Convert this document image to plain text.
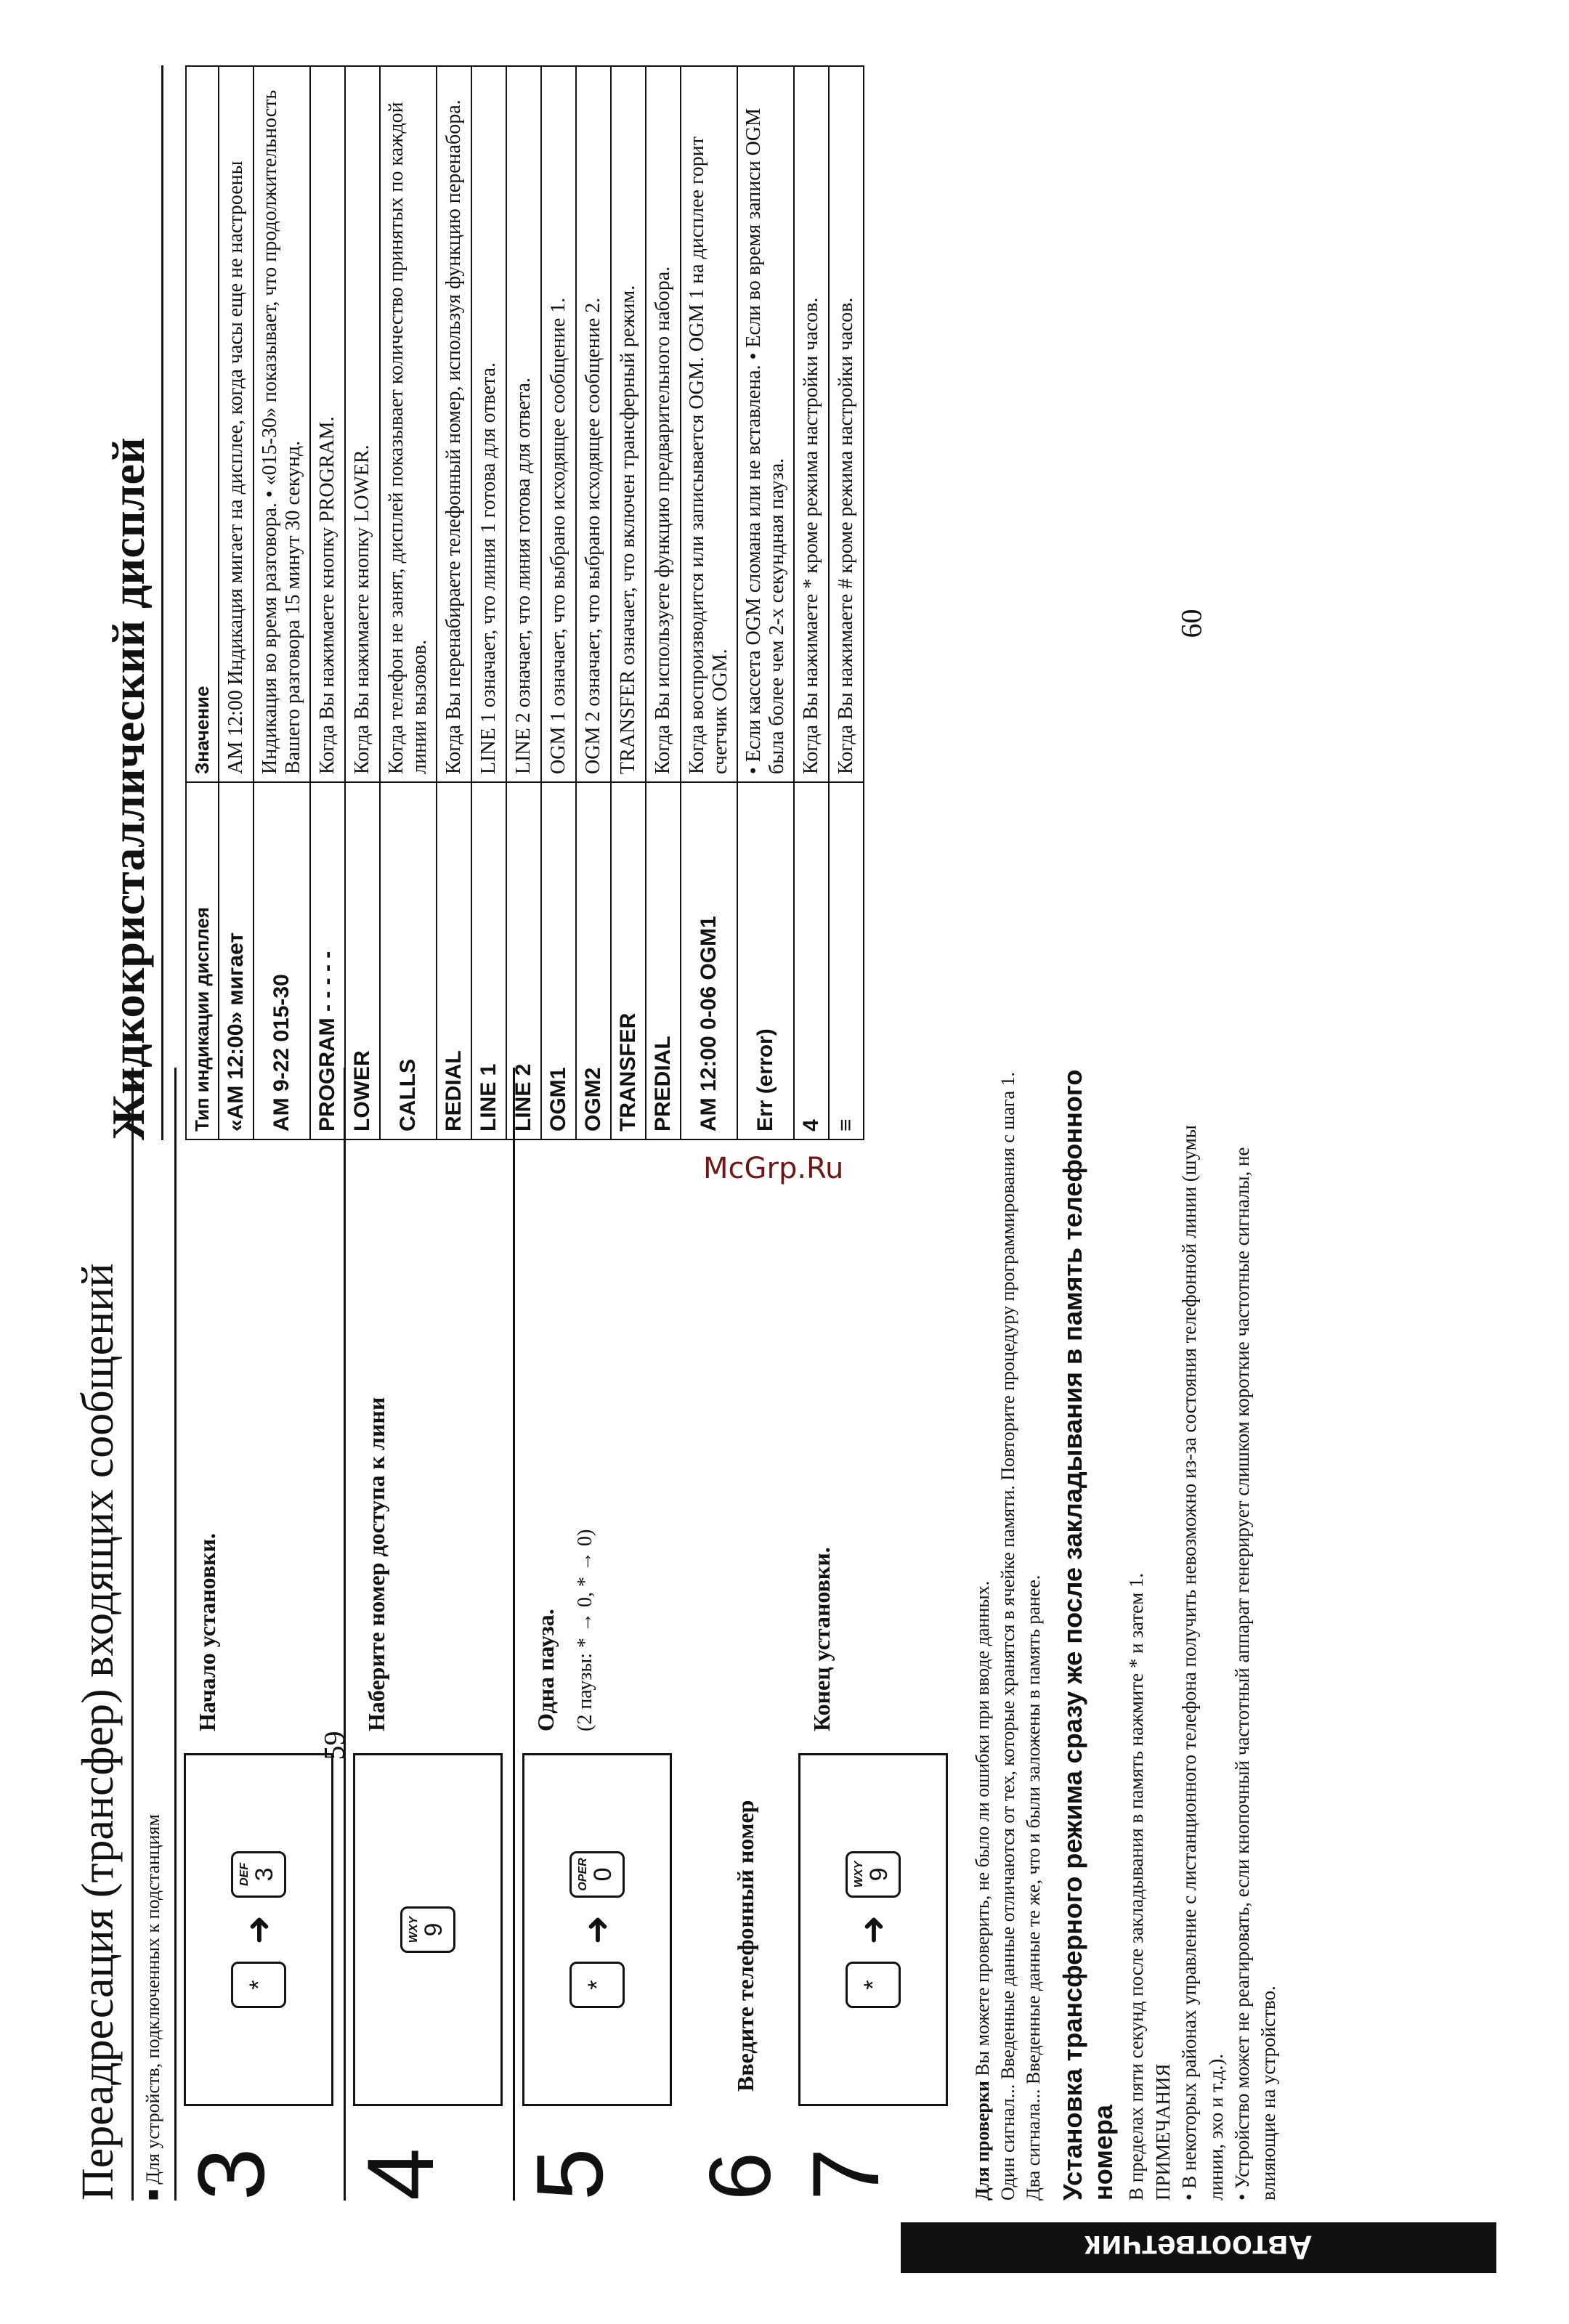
McGrp.Ru
Переадресация (трансфер) входящих сообщений	■ Для устройств, подключенных к подстанциям 3
*
➜
DEF 3
Начало установки.
4
WXY 9
Наберите номер доступа к лини
5
*
➜
OPER 0
Одна пауза. (2 паузы: * → 0, * → 0)
6
Введите телефонный номер
7
*
➜
WXY 9
Конец установки.
Для проверки Вы можете проверить, не было ли ошибки при вводе данных. Один сигнал... Введенные данные отличаются от тех, которые хранятся в ячейке памяти. Повторите процедуру программирования с шага 1. Два сигнала... Введенные данные те же, что и были заложены в память ранее. Установка трансферного режима сразу же после закладывания в память телефонного номера В пределах пяти секунд после закладывания в память нажмите * и затем 1. ПРИМЕЧАНИЯ • В некоторых районах управление с листанционного телефона получить невозможно из-за состояния телефонной линии (шумы линии, эхо и т.д.). • Устройство может не реагировать, если кнопочный частотный аппарат генерирует слишком короткие частотные сигналы, не влияющие на устройство.

Автоответчик
59
Жидкокристаллический дисплей	Тип индикации дисплея	Значение
«AM 12:00» мигает	AM 12:00 Индикация мигает на дисплее, когда часы еще не настроены
AM 9-22 015-30	Индикация во время разговора. • «015-30» показывает, что продолжительность Вашего разговора 15 минут 30 секунд.
PROGRAM - - - - -	Когда Вы нажимаете кнопку PROGRAM.
LOWER	Когда Вы нажимаете кнопку LOWER.
CALLS	Когда телефон не занят, дисплей показывает количество принятых по каждой линии вызовов.
REDIAL	Когда Вы перенабираете телефонный номер, используя функцию перенабора.
LINE 1	LINE 1 означает, что линия 1 готова для ответа.
LINE 2	LINE 2 означает, что линия готова для ответа.
OGM1	OGM 1 означает, что выбрано исходящее сообщение 1.
OGM2	OGM 2 означает, что выбрано исходящее сообщение 2.
TRANSFER	TRANSFER означает, что включен трансферный режим.
PREDIAL	Когда Вы используете функцию предварительного набора.
AM 12:00 0-06 OGM1	Когда воспроизводится или записывается OGM. OGM 1 на дисплее горит счетчик OGM.
Err (error)	• Если кассета OGM сломана или не вставлена. • Если во время записи OGM была более чем 2-х секундная пауза.
4	Когда Вы нажимаете * кроме режима настройки часов.
≡	Когда Вы нажимаете # кроме режима настройки часов.	60
